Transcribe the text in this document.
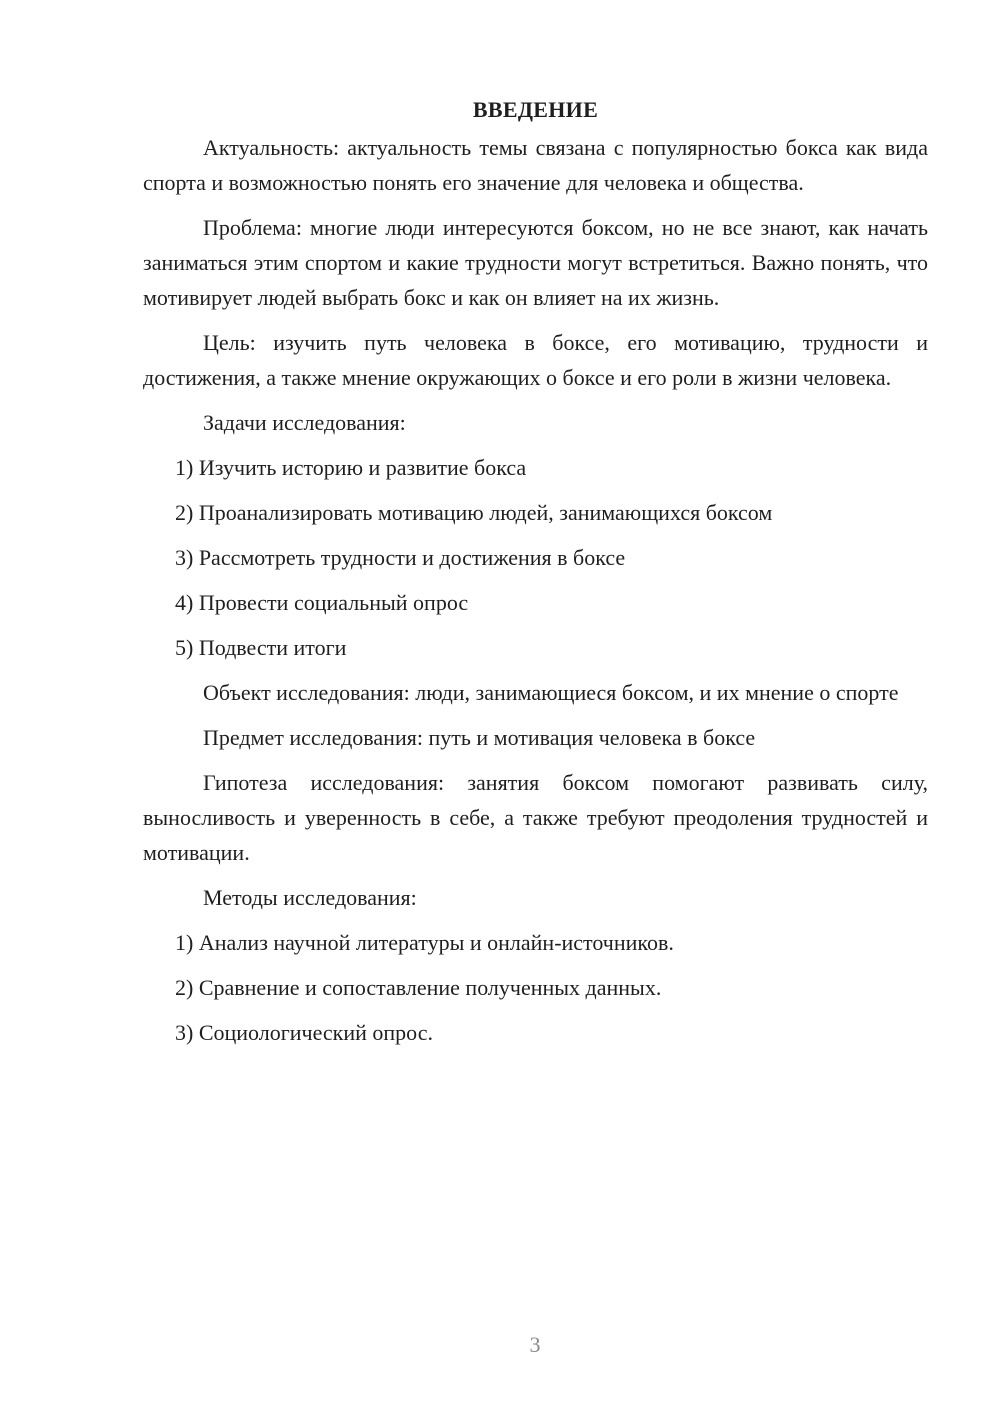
ВВЕДЕНИЕ

Актуальность: актуальность темы связана с популярностью бокса как вида спорта и возможностью понять его значение для человека и общества.

Проблема: многие люди интересуются боксом, но не все знают, как начать заниматься этим спортом и какие трудности могут встретиться. Важно понять, что мотивирует людей выбрать бокс и как он влияет на их жизнь.

Цель: изучить путь человека в боксе, его мотивацию, трудности и достижения, а также мнение окружающих о боксе и его роли в жизни человека.

Задачи исследования:

1) Изучить историю и развитие бокса
2) Проанализировать мотивацию людей, занимающихся боксом
3) Рассмотреть трудности и достижения в боксе
4) Провести социальный опрос
5) Подвести итоги

Объект исследования: люди, занимающиеся боксом, и их мнение о спорте

Предмет исследования: путь и мотивация человека в боксе

Гипотеза исследования: занятия боксом помогают развивать силу, выносливость и уверенность в себе, а также требуют преодоления трудностей и мотивации.

Методы исследования:

1) Анализ научной литературы и онлайн-источников.
2) Сравнение и сопоставление полученных данных.
3) Социологический опрос.
3
